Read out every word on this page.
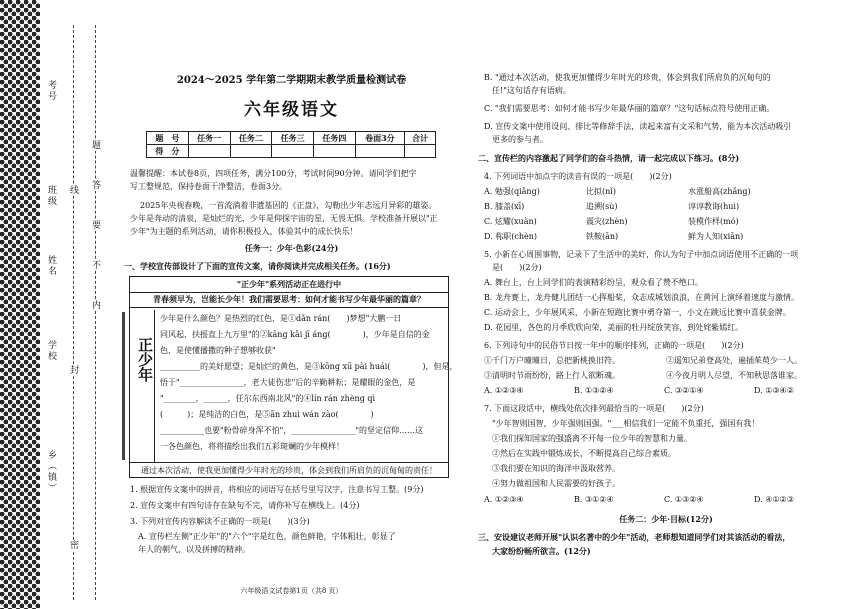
乡（镇）
学校
姓名
班级
考号
密
封
线
内
不
要
答
题
2024～2025 学年第二学期期末教学质量检测试卷
六年级语文
题　号	任务一	任务二	任务三	任务四	卷面3分	合计
得　分						
温馨提醒：本试卷8页，四项任务，满分100分，考试时间90分钟。请同学们把字
写工整规范，保持卷面干净整洁，卷面3分。
2025年央视春晚，一首流淌着非遗基因的《正盘》，勾勒出少年志远月异彩的雄姿。
少年是奔动的清泉，是灿烂的光，少年是仰探宇宙的星，无畏无惧。学校准备开展以"正
少年"为主题的系列活动，请你积极投入，体验其中的成长快乐！
任务一：少年·色彩(24分)
一、学校宣传部设计了下面的宣传文案，请你阅读并完成相关任务。(16分)
"正少年"系列活动正在进行中
青春须早为，岂能长少年！我们需要思考：如何才能书写少年最华丽的篇章？
正少年
少年是什么颜色？是热烈的红色，是①dǎn rán(　　)梦想"大鹏一日
同风起，扶摇直上九万里"的②kāng kǎi jī áng(　　　　)，少年是自信的金
色，是使懂播撒的种子想够收获"
__________的美好愿望；是灿烂的黄色，是③kōng xū pài huái(　　　　)，但是，
悟于"________________，老大徒伤悲"后的辛勤耕耘；是耀眼的金色，是
"________，______，任尔东西南北风"的④lín rán zhèng qì
(　　　)；是纯洁的白色，是⑤ān zhuì wán zào(　　　　)
___________也要"粉骨碎身浑不怕"，________________"的坚定信仰……这
一各色颜色，将将描绘出我们五彩斑斓的少年模样！
通过本次活动，使我更加懂得少年时光的珍贵，体会到我们所肩负的沉甸甸的责任！
1. 根据宣传文案中的拼音，将相应的词语写在括号里写汉字，注意书写工整。(9分)
2. 宣传文案中有四句诗存在缺句不完，请你补写在横线上。(4分)
3. 下列对宣传内容解读不正确的一项是(　　)(3分)
A. 宣传栏左侧"正少年"的"六个"字是红色，颜色鲜艳，字体粗壮，彰显了
年人的朝气，以及拼搏的精神。
六年级语文试卷第1页（共8 页）
B. "通过本次活动，使我更加懂得少年时光的珍贵，体会到我们所肩负的沉甸句的
任!"这句话存有语病。
C. "我们需要思考：如何才能书写少年最华丽的篇章？"这句话标点符号使用正确。
D. 宣传文案中使用设问、排比等修辞手法，读起来富有文采和气势，能为本次活动吸引
更多的参与者。
二、宣传栏的内容激起了同学们的奋斗热情，请一起完成以下练习。(8分)
4. 下列词语中加点字的读音有误的一项是(　　)(2分)
A. 勉强(qiǎng)	比拟(nǐ)	水涨船高(zhǎng)
B. 膝盖(xī)	追溯(sù)	谆谆教诲(huì)
C. 炫耀(xuàn)	震灾(zhèn)	装模作样(mó)
D. 称职(chèn)	铁鞍(ān)	鲜为人知(xiān)
5. 小新在心周围事物，记录下了生活中的美好，你认为句子中加点词语使用不正确的一项
是(　　)(2分)
A. 舞台上，台上同学们的表演精彩纷呈，观众看了赞不绝口。
B. 龙舟赛上，龙舟健儿团结一心挥船桨，众志成城划浪浪，在黄河上演绎着速度与激情。
C. 运动会上，少年展风采，小新在短跑比赛中勇夺第一，小文在跳远比赛中喜获金牌。
D. 花园里，各色的月季欣欣向荣，美丽的牡丹绽放笑容，到处姹紫嫣红。
6. 下列诗句中的民俗节日按一年中的顺序排列，正确的一项是(　　)(2分)
①千门万户曈曈日，总把新桃换旧符。	②遥知兄弟登高处，遍插茱萸少一人。
③清明时节雨纷纷，路上行人欲断魂。	④今夜月明人尽望，不知秋思落谁家。
A. ①②③④	B. ①③②④	C. ③②①④	D. ①③④②
7. 下面这段话中，横线处依次排列最恰当的一项是(　　)(2分)
"少年智则国智，少年强则国强。"___相信我们一定能不负重托，强国有我！
①我们探知国家的强盛离不开每一位少年的智慧和力量。
②然后在实践中锻炼成长，不断提高自己综合素质。
③我们要在知识的海洋中汲取营养。
④努力做祖国和人民需要的好孩子。
A. ①②③④	B. ③①②④	C. ①③②④	D. ④①②③
任务二：少年·目标(12分)
三、安设建议老师开展"认识名著中的少年"活动，老师想知道同学们对其该活动的看法，
大家纷纷畅所欲言。(12分)
